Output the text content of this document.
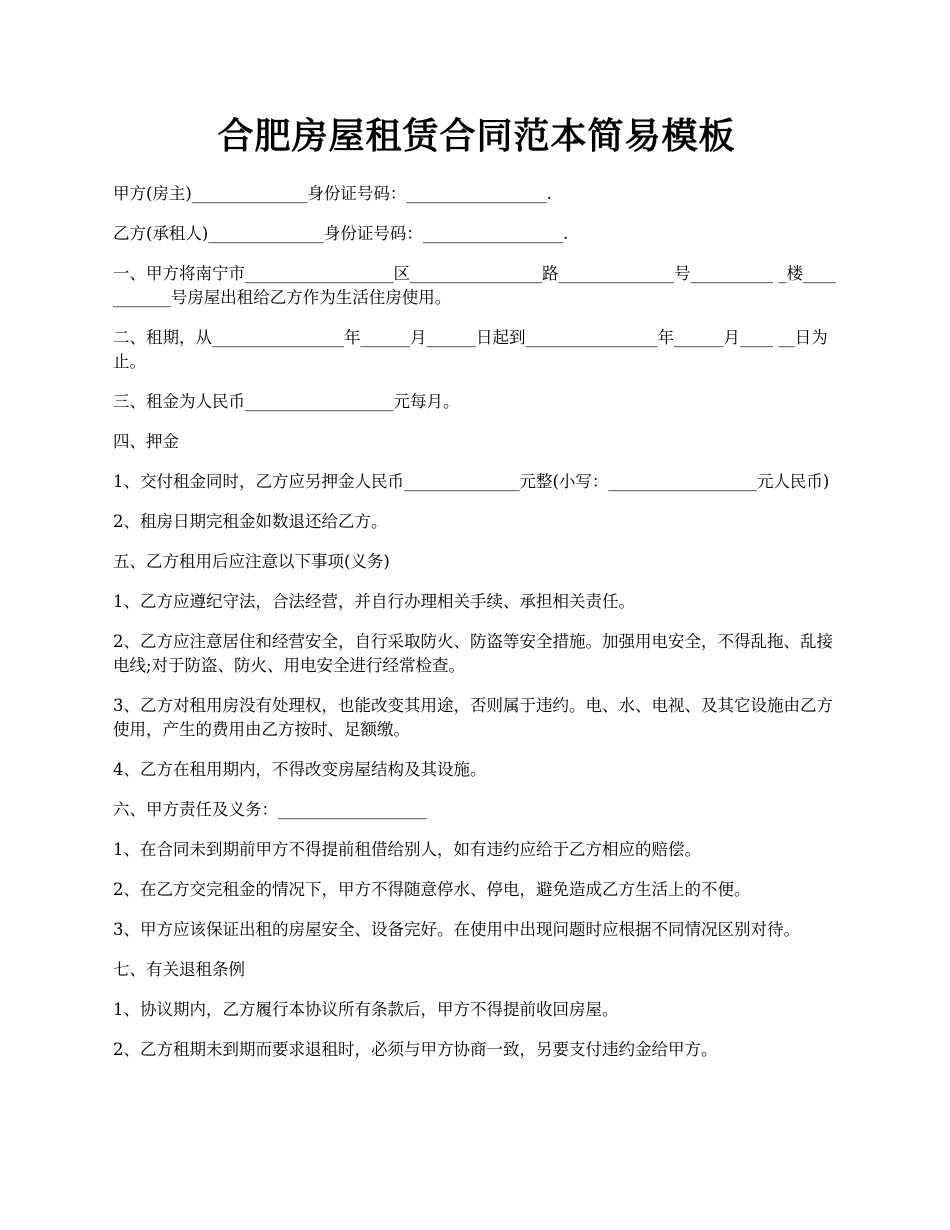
合肥房屋租赁合同范本简易模板

甲方(房主)______________身份证号码：_________________.

乙方(承租人)______________身份证号码：_________________.

一、甲方将南宁市__________________区________________路______________号__________ _楼___________号房屋出租给乙方作为生活住房使用。

二、租期，从________________年______月______日起到________________年______月____ __日为止。

三、租金为人民币__________________元每月。

四、押金

1、交付租金同时，乙方应另押金人民币______________元整(小写：__________________元人民币)

2、租房日期完租金如数退还给乙方。

五、乙方租用后应注意以下事项(义务)

1、乙方应遵纪守法，合法经营，并自行办理相关手续、承担相关责任。

2、乙方应注意居住和经营安全，自行采取防火、防盗等安全措施。加强用电安全，不得乱拖、乱接电线;对于防盗、防火、用电安全进行经常检查。

3、乙方对租用房没有处理权，也能改变其用途，否则属于违约。电、水、电视、及其它设施由乙方使用，产生的费用由乙方按时、足额缴。

4、乙方在租用期内，不得改变房屋结构及其设施。

六、甲方责任及义务：__________________

1、在合同未到期前甲方不得提前租借给别人，如有违约应给于乙方相应的赔偿。

2、在乙方交完租金的情况下，甲方不得随意停水、停电，避免造成乙方生活上的不便。

3、甲方应该保证出租的房屋安全、设备完好。在使用中出现问题时应根据不同情况区别对待。

七、有关退租条例

1、协议期内，乙方履行本协议所有条款后，甲方不得提前收回房屋。

2、乙方租期未到期而要求退租时，必须与甲方协商一致，另要支付违约金给甲方。
